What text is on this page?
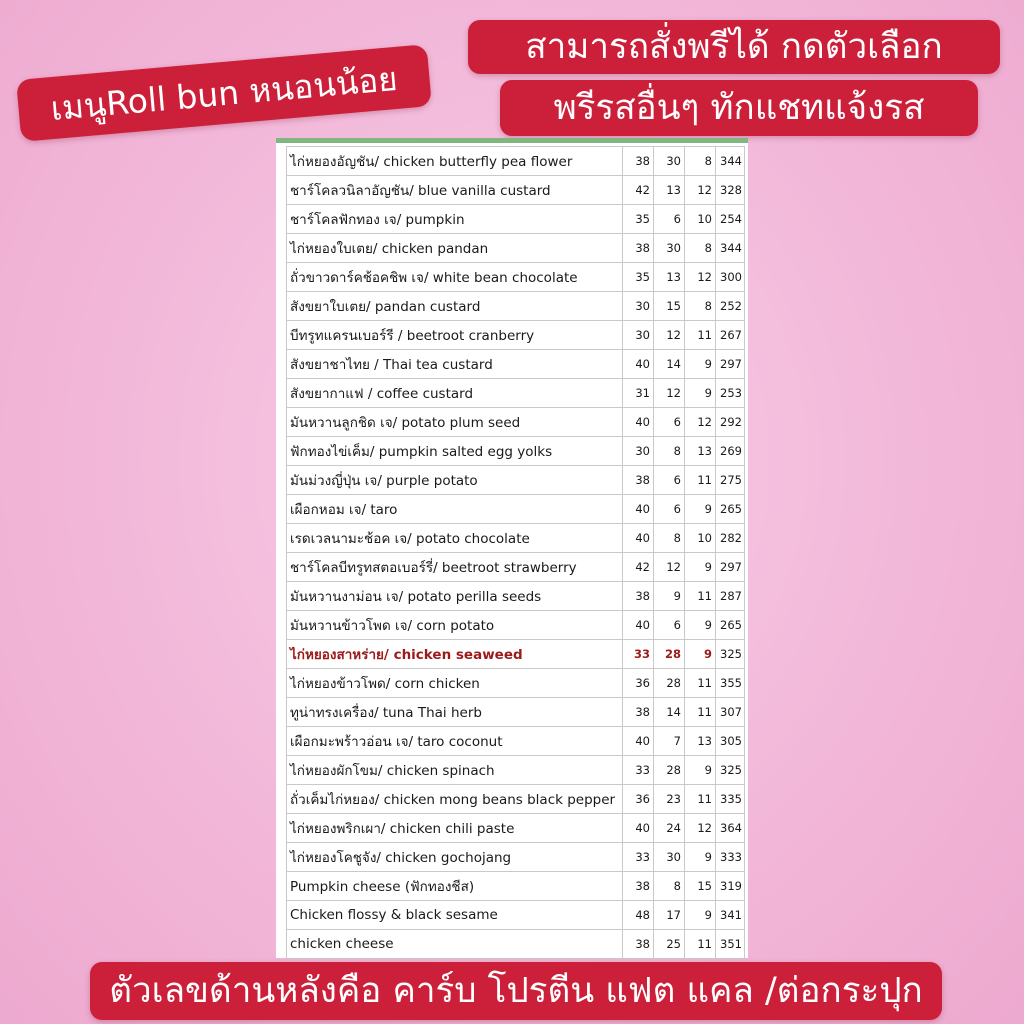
เมนูRoll bun หนอนน้อย
สามารถสั่งพรีได้ กดตัวเลือก
พรีรสอื่นๆ ทักแชทแจ้งรส
ไก่หยองอัญชัน/ chicken butterfly pea flower	38	30	8	344
ชาร์โคลวนิลาอัญชัน/ blue vanilla custard	42	13	12	328
ชาร์โคลฟักทอง เจ/ pumpkin	35	6	10	254
ไก่หยองใบเตย/ chicken pandan	38	30	8	344
ถั่วขาวดาร์คช้อคชิพ เจ/ white bean chocolate	35	13	12	300
สังขยาใบเตย/ pandan custard	30	15	8	252
บีทรูทแครนเบอร์รี / beetroot cranberry	30	12	11	267
สังขยาชาไทย / Thai tea custard	40	14	9	297
สังขยากาแฟ / coffee custard	31	12	9	253
มันหวานลูกชิด เจ/ potato plum seed	40	6	12	292
ฟักทองไข่เค็ม/ pumpkin salted egg yolks	30	8	13	269
มันม่วงญี่ปุ่น เจ/ purple potato	38	6	11	275
เผือกหอม เจ/ taro	40	6	9	265
เรดเวลนามะช้อค เจ/ potato chocolate	40	8	10	282
ชาร์โคลบีทรูทสตอเบอร์รี่/ beetroot strawberry	42	12	9	297
มันหวานงาม่อน เจ/ potato perilla seeds	38	9	11	287
มันหวานข้าวโพด เจ/ corn potato	40	6	9	265
ไก่หยองสาหร่าย/ chicken seaweed	33	28	9	325
ไก่หยองข้าวโพด/ corn chicken	36	28	11	355
ทูน่าทรงเครื่อง/ tuna Thai herb	38	14	11	307
เผือกมะพร้าวอ่อน เจ/ taro coconut	40	7	13	305
ไก่หยองผักโขม/ chicken spinach	33	28	9	325
ถั่วเค็มไก่หยอง/ chicken mong beans black pepper	36	23	11	335
ไก่หยองพริกเผา/ chicken chili paste	40	24	12	364
ไก่หยองโคชูจัง/ chicken gochojang	33	30	9	333
Pumpkin cheese (ฟักทองชีส)	38	8	15	319
Chicken flossy & black sesame	48	17	9	341
chicken cheese	38	25	11	351
ตัวเลขด้านหลังคือ คาร์บ โปรตีน แฟต แคล /ต่อกระปุก
